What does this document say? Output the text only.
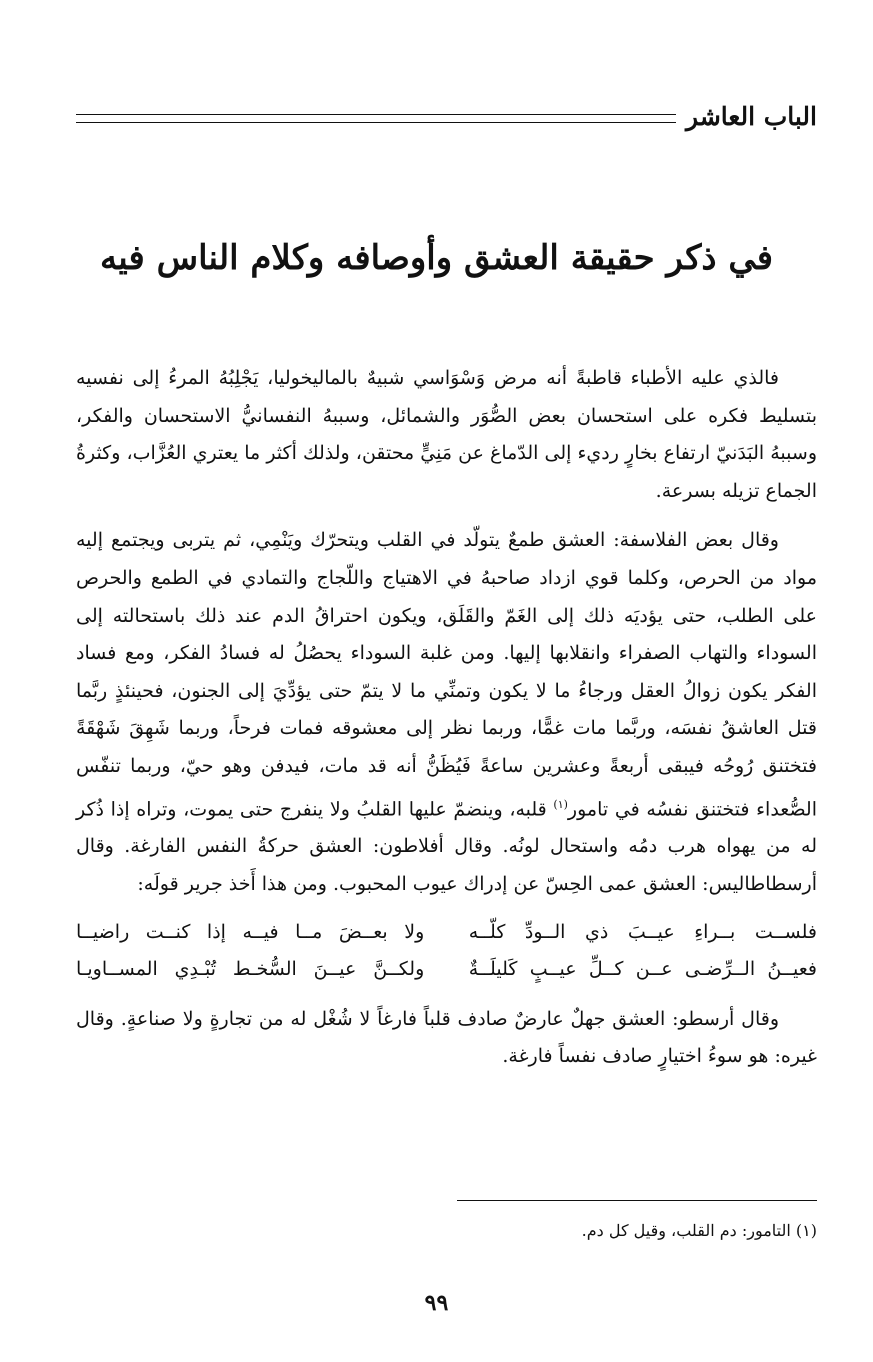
الباب العاشر
في ذكر حقيقة العشق وأوصافه وكلام الناس فيه

فالذي عليه الأطباء قاطبةً أنه مرض وَسْوَاسي شبيهٌ بالماليخوليا، يَجْلِبُهُ المرءُ إلى نفسيه بتسليط فكره على استحسان بعض الصُّوَر والشمائل، وسببهُ النفسانيُّ الاستحسان والفكر، وسببهُ البَدَنيّ ارتفاع بخارٍ رديء إلى الدّماغ عن مَنِيٍّ محتقن، ولذلك أكثر ما يعتري العُزَّاب، وكثرةُ الجماع تزيله بسرعة.

وقال بعض الفلاسفة: العشق طمعٌ يتولّد في القلب ويتحرّك ويَنْمِي، ثم يتربى ويجتمع إليه مواد من الحرص، وكلما قوي ازداد صاحبهُ في الاهتياج واللّجاج والتمادي في الطمع والحرص على الطلب، حتى يؤديَه ذلك إلى الغَمّ والقَلَق، ويكون احتراقُ الدم عند ذلك باستحالته إلى السوداء والتهاب الصفراء وانقلابها إليها. ومن غلبة السوداء يحصُلُ له فسادُ الفكر، ومع فساد الفكر يكون زوالُ العقل ورجاءُ ما لا يكون وتمنِّي ما لا يتمّ حتى يؤدِّيَ إلى الجنون، فحينئذٍ ربَّما قتل العاشقُ نفسَه، وربَّما مات غمًّا، وربما نظر إلى معشوقه فمات فرحاً، وربما شَهِقَ شَهْقَةً فتختنق رُوحُه فيبقى أربعةً وعشرين ساعةً فَيُظَنُّ أنه قد مات، فيدفن وهو حيّ، وربما تنفّس الصُّعداء فتختنق نفسُه في تامور$^{(١)}$ قلبه، وينضمّ عليها القلبُ ولا ينفرج حتى يموت، وتراه إذا ذُكر له من يهواه هرب دمُه واستحال لونُه. وقال أفلاطون: العشق حركةُ النفس الفارغة. وقال أرسطاطاليس: العشق عمى الحِسّ عن إدراك عيوب المحبوب. ومن هذا أَخذ جرير قولَه:

فلســت بــراءِ عيــبَ ذي الــودِّ كلّــه
ولا بعــضَ مــا فيــه إذا كنــت راضيــا
فعيــنُ الــرِّضـى عــن كــلِّ عيــبٍ كَليلَــةٌ
ولكــنَّ عيــنَ السُّخـط تُبْـدِي المســاويـا

وقال أرسطو: العشق جهلٌ عارضٌ صادف قلباً فارغاً لا شُغْل له من تجارةٍ ولا صناعةٍ. وقال غيره: هو سوءُ اختيارٍ صادف نفساً فارغة.

(١) التامور: دم القلب، وقيل كل دم.
٩٩
